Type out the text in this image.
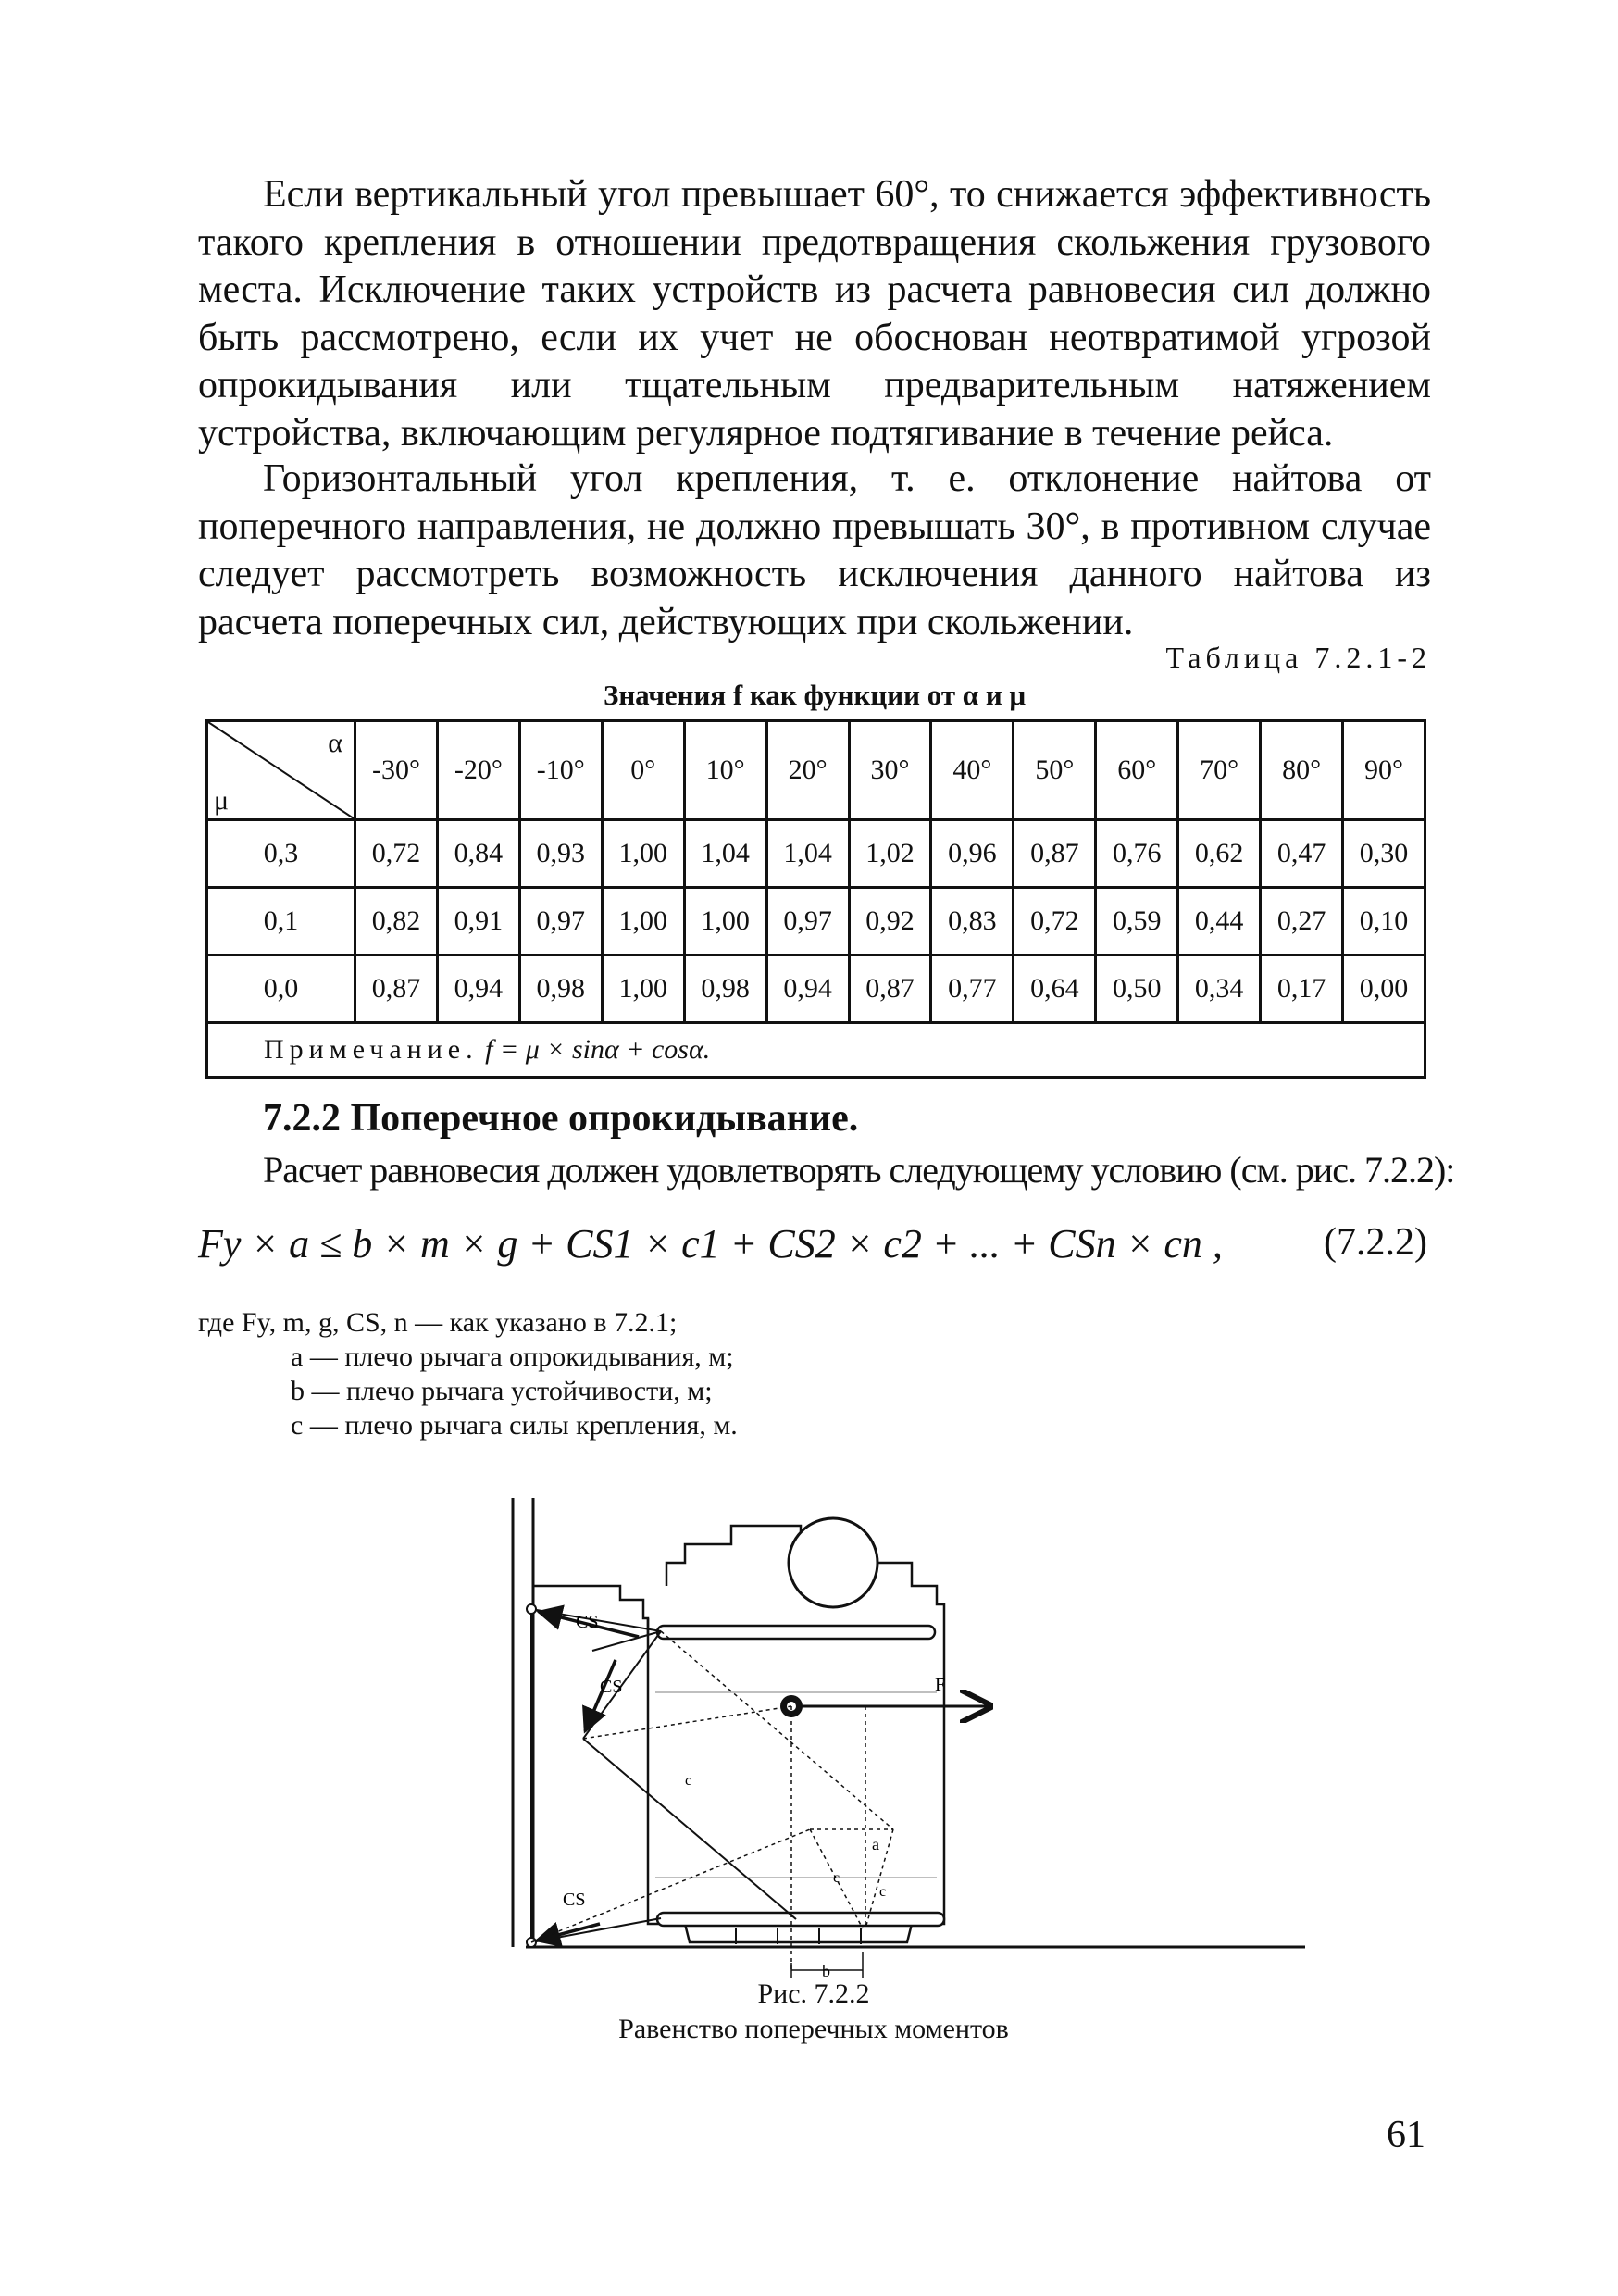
Если вертикальный угол превышает 60°, то снижается эффективность такого крепления в отношении предотвращения скольжения грузового места. Исключение таких устройств из расчета равновесия сил должно быть рассмотрено, если их учет не обоснован неотвратимой угрозой опрокидывания или тщательным предварительным натяжением устройства, включающим регулярное подтягивание в течение рейса.

Горизонтальный угол крепления, т. е. отклонение найтова от поперечного направления, не должно превышать 30°, в противном случае следует рассмотреть возможность исключения данного найтова из расчета поперечных сил, действующих при скольжении.

Таблица 7.2.1-2
Значения f как функции от α и μ
α
μ	-30°	-20°	-10°	0°	10°	20°	30°	40°	50°	60°	70°	80°	90°
0,3	0,72	0,84	0,93	1,00	1,04	1,04	1,02	0,96	0,87	0,76	0,62	0,47	0,30
0,1	0,82	0,91	0,97	1,00	1,00	0,97	0,92	0,83	0,72	0,59	0,44	0,27	0,10
0,0	0,87	0,94	0,98	1,00	0,98	0,94	0,87	0,77	0,64	0,50	0,34	0,17	0,00
Примечание. f = μ × sinα + cosα.													
7.2.2 Поперечное опрокидывание.

Расчет равновесия должен удовлетворять следующему условию (см. рис. 7.2.2):

Fy × a ≤ b × m × g + CS1 × c1 + CS2 × c2 + ... + CSn × cn ,	(7.2.2)
где Fy, m, g, CS, n — как указано в 7.2.1;
a — плечо рычага опрокидывания, м;
b — плечо рычага устойчивости, м;
c — плечо рычага силы крепления, м.
CS
CS
CS
F
a
b
c
c
c
Рис. 7.2.2
Равенство поперечных моментов
61
